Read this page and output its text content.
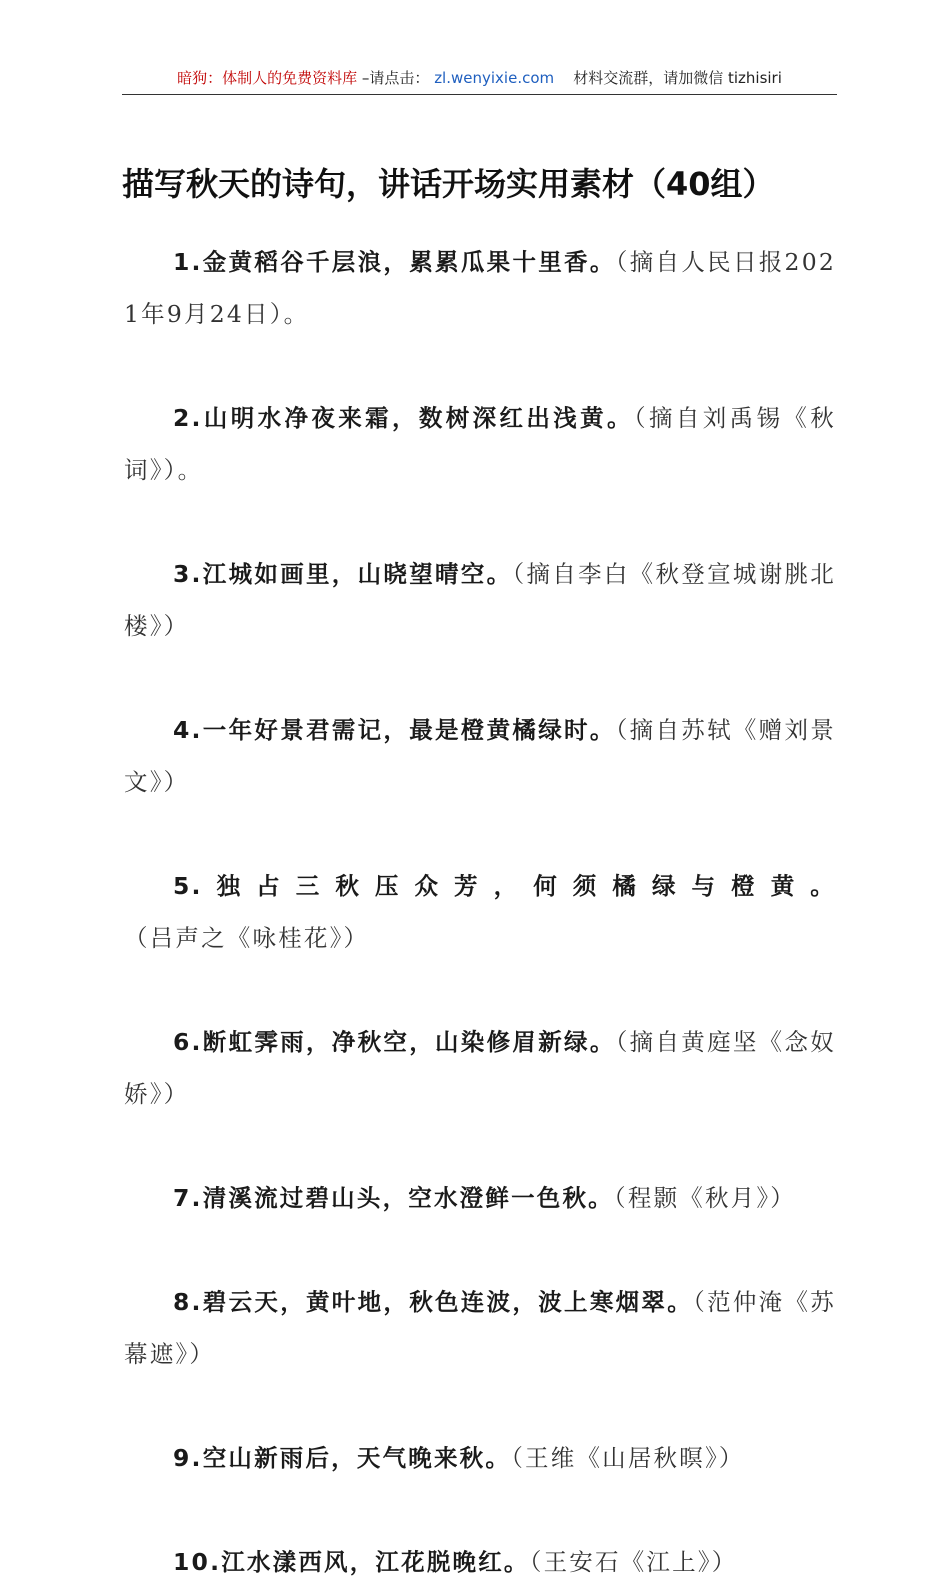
暗狗：体制人的免费资料库 –请点击： zl.wenyixie.com 材料交流群，请加微信 tizhisiri
描写秋天的诗句，讲话开场实用素材（40组）

1.金黄稻谷千层浪，累累瓜果十里香。（摘自人民日报2021年9月24日）。

2.山明水净夜来霜，数树深红出浅黄。（摘自刘禹锡《秋词》）。

3.江城如画里，山晓望晴空。（摘自李白《秋登宣城谢朓北楼》）

4.一年好景君需记，最是橙黄橘绿时。（摘自苏轼《赠刘景文》）

5.独占三秋压众芳，何须橘绿与橙黄。（吕声之《咏桂花》）

6.断虹霁雨，净秋空，山染修眉新绿。（摘自黄庭坚《念奴娇》）

7.清溪流过碧山头，空水澄鲜一色秋。（程颢《秋月》）

8.碧云天，黄叶地，秋色连波，波上寒烟翠。（范仲淹《苏幕遮》）

9.空山新雨后，天气晚来秋。（王维《山居秋暝》）

10.江水漾西风，江花脱晚红。（王安石《江上》）
